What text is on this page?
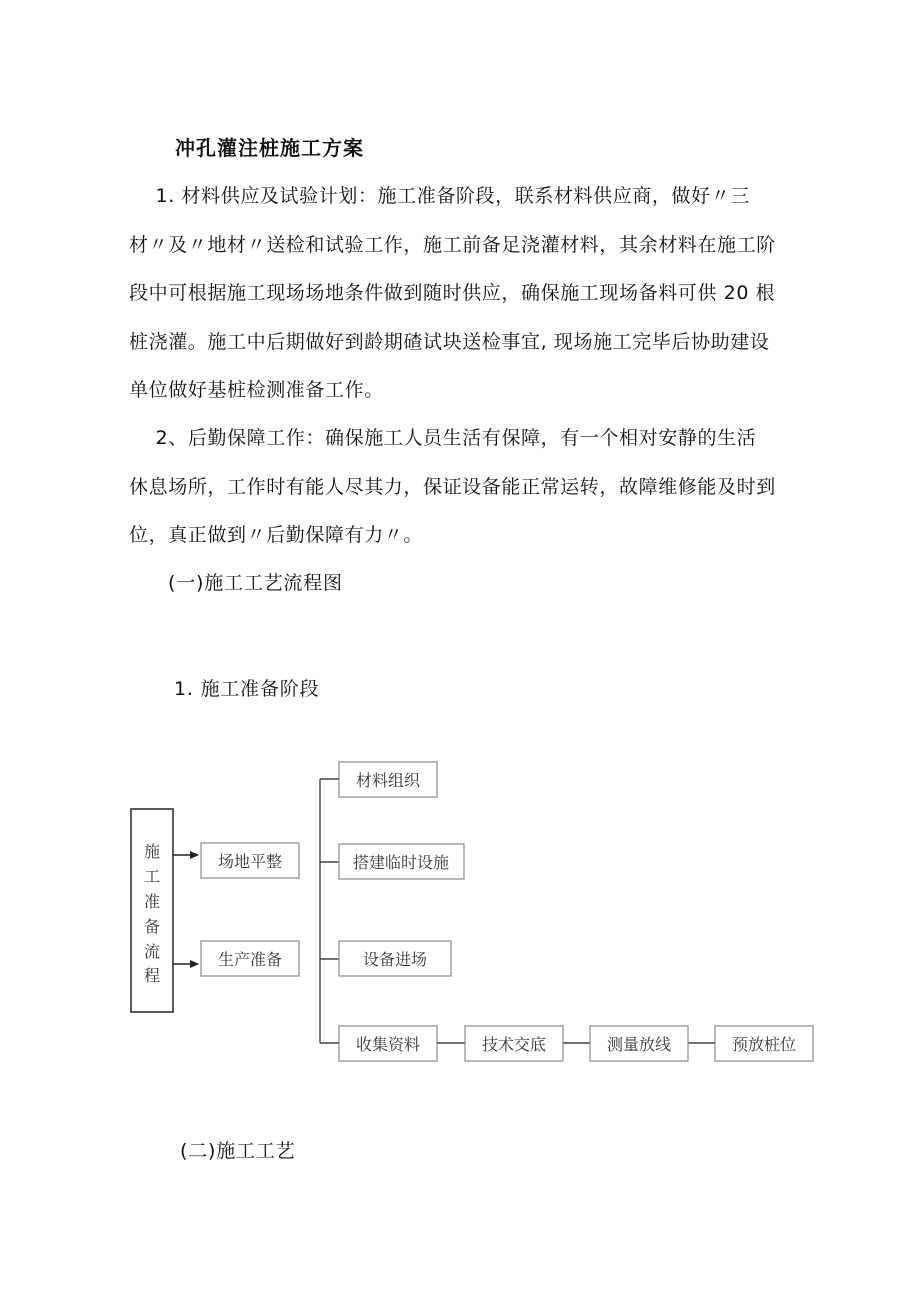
冲孔灌注桩施工方案
1. 材料供应及试验计划：施工准备阶段，联系材料供应商，做好〃三
材〃及〃地材〃送检和试验工作，施工前备足浇灌材料，其余材料在施工阶
段中可根据施工现场场地条件做到随时供应，确保施工现场备料可供 20 根
桩浇灌。施工中后期做好到龄期碴试块送检事宜, 现场施工完毕后协助建设
单位做好基桩检测准备工作。
2、后勤保障工作：确保施工人员生活有保障，有一个相对安静的生活
休息场所，工作时有能人尽其力，保证设备能正常运转，故障维修能及时到
位，真正做到〃后勤保障有力〃。
(一)施工工艺流程图
1. 施工准备阶段
(二)施工工艺
施
工
准
备
流
程
场地平整
生产准备
材料组织
搭建临时设施
设备进场
收集资料	技术交底	测量放线	预放桩位
